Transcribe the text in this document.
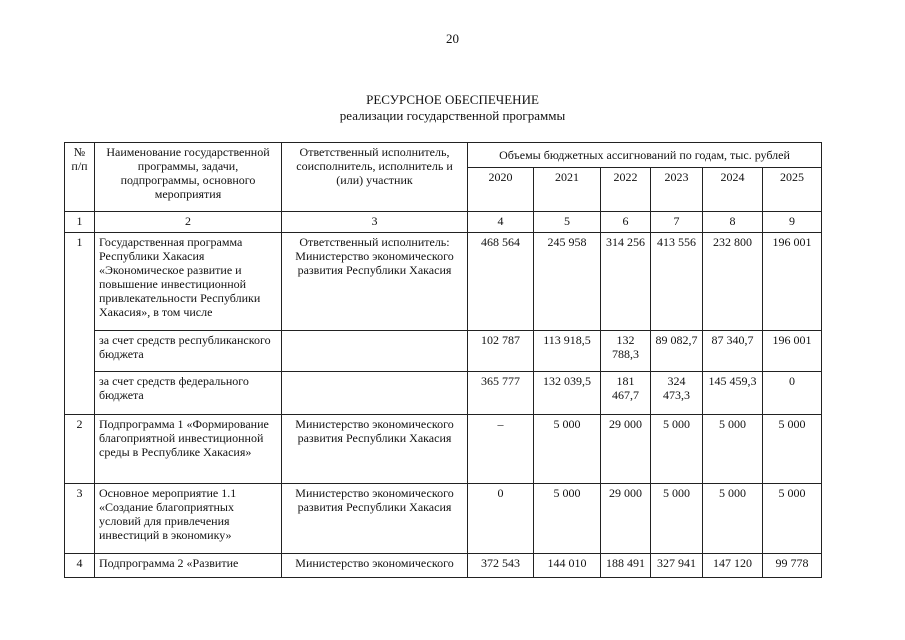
20
РЕСУРСНОЕ ОБЕСПЕЧЕНИЕ
реализации государственной программы
№ п/п	Наименование государственной программы, задачи, подпрограммы, основного мероприятия	Ответственный исполнитель, соисполнитель, исполнитель и (или) участник	Объемы бюджетных ассигнований по годам, тыс. рублей					
			2020	2021	2022	2023	2024	2025
1	2	3	4	5	6	7	8	9
1	Государственная программа Республики Хакасия «Экономическое развитие и повышение инвестиционной привлекательности Республики Хакасия», в том числе	Ответственный исполнитель: Министерство экономического развития Республики Хакасия	468 564	245 958	314 256	413 556	232 800	196 001
	за счет средств республиканского бюджета		102 787	113 918,5	132 788,3	89 082,7	87 340,7	196 001
	за счет средств федерального бюджета		365 777	132 039,5	181 467,7	324 473,3	145 459,3	0
2	Подпрограмма 1 «Формирование благоприятной инвестиционной среды в Республике Хакасия»	Министерство экономического развития Республики Хакасия	–	5 000	29 000	5 000	5 000	5 000
3	Основное мероприятие 1.1 «Создание благоприятных условий для привлечения инвестиций в экономику»	Министерство экономического развития Республики Хакасия	0	5 000	29 000	5 000	5 000	5 000
4	Подпрограмма 2 «Развитие	Министерство экономического	372 543	144 010	188 491	327 941	147 120	99 778
